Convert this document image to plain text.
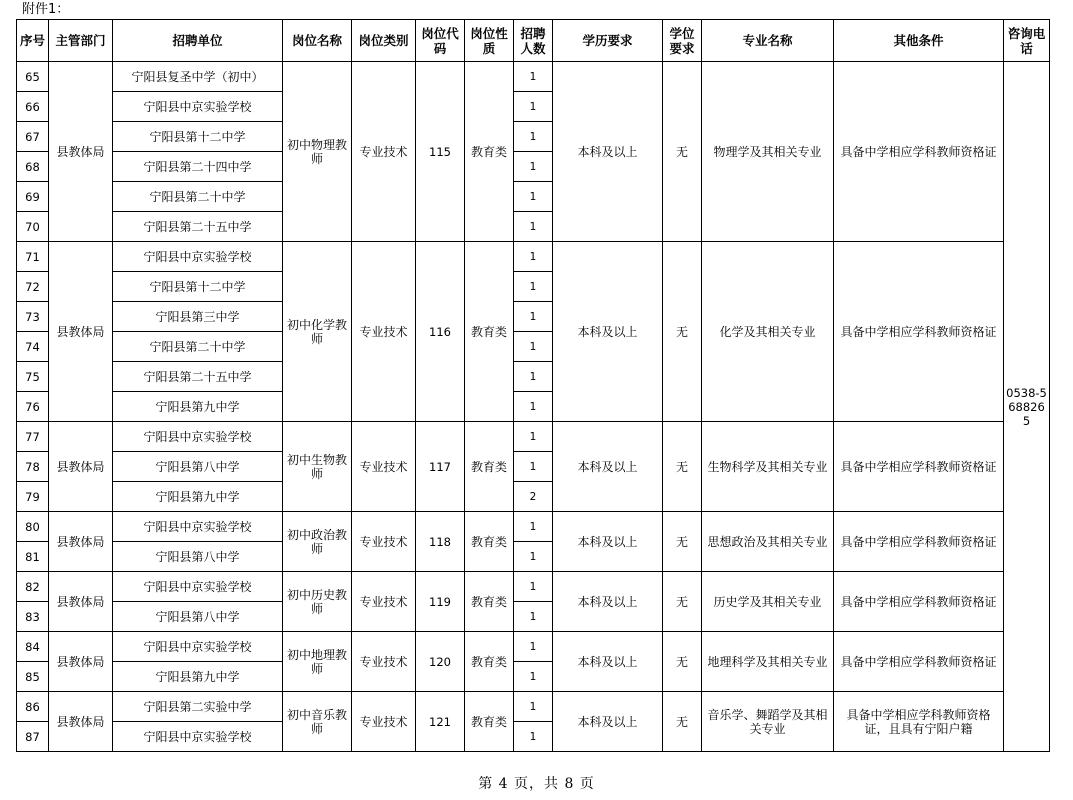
附件1：
序号	主管部门	招聘单位	岗位名称	岗位类别	岗位代码	岗位性质	招聘人数	学历要求	学位要求	专业名称	其他条件	咨询电话
65	县教体局	宁阳县复圣中学（初中）	初中物理教师	专业技术	115	教育类	1	本科及以上	无	物理学及其相关专业	具备中学相应学科教师资格证	0538-5688265
66		宁阳县中京实验学校					1					
67		宁阳县第十二中学					1					
68		宁阳县第二十四中学					1					
69		宁阳县第二十中学					1					
70		宁阳县第二十五中学					1					
71	县教体局	宁阳县中京实验学校	初中化学教师	专业技术	116	教育类	1	本科及以上	无	化学及其相关专业	具备中学相应学科教师资格证	
72		宁阳县第十二中学					1					
73		宁阳县第三中学					1					
74		宁阳县第二十中学					1					
75		宁阳县第二十五中学					1					
76		宁阳县第九中学					1					
77	县教体局	宁阳县中京实验学校	初中生物教师	专业技术	117	教育类	1	本科及以上	无	生物科学及其相关专业	具备中学相应学科教师资格证	
78		宁阳县第八中学					1					
79		宁阳县第九中学					2					
80	县教体局	宁阳县中京实验学校	初中政治教师	专业技术	118	教育类	1	本科及以上	无	思想政治及其相关专业	具备中学相应学科教师资格证	
81		宁阳县第八中学					1					
82	县教体局	宁阳县中京实验学校	初中历史教师	专业技术	119	教育类	1	本科及以上	无	历史学及其相关专业	具备中学相应学科教师资格证	
83		宁阳县第八中学					1					
84	县教体局	宁阳县中京实验学校	初中地理教师	专业技术	120	教育类	1	本科及以上	无	地理科学及其相关专业	具备中学相应学科教师资格证	
85		宁阳县第九中学					1					
86	县教体局	宁阳县第二实验中学	初中音乐教师	专业技术	121	教育类	1	本科及以上	无	音乐学、舞蹈学及其相关专业	具备中学相应学科教师资格证，且具有宁阳户籍	
87		宁阳县中京实验学校					1					
第 4 页，共 8 页
